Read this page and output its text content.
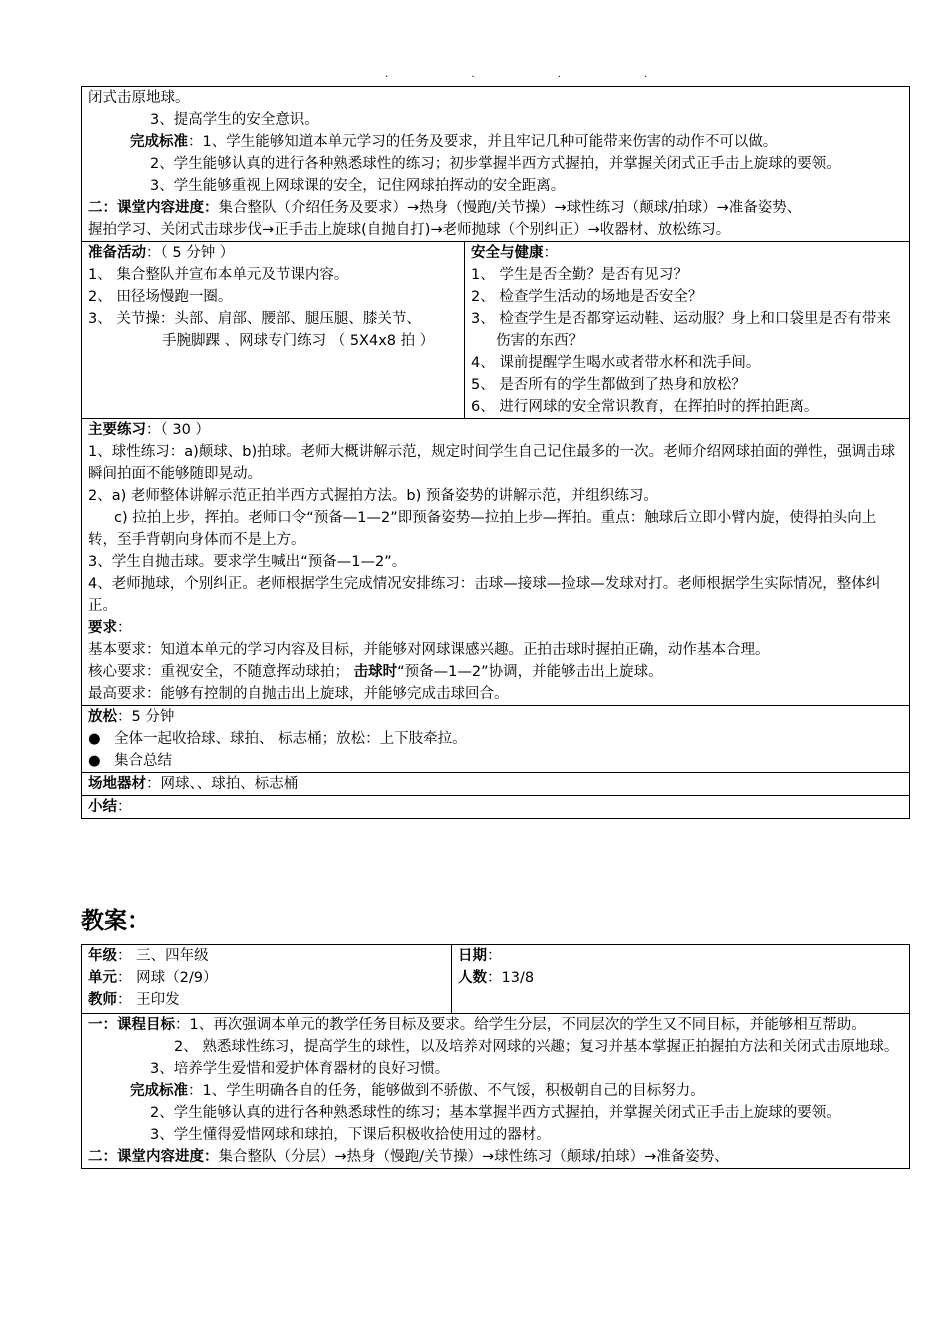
. . . .
闭式击原地球。
3、提高学生的安全意识。
完成标准：1、学生能够知道本单元学习的任务及要求，并且牢记几种可能带来伤害的动作不可以做。
2、学生能够认真的进行各种熟悉球性的练习；初步掌握半西方式握拍，并掌握关闭式正手击上旋球的要领。
3、学生能够重视上网球课的安全，记住网球拍挥动的安全距离。
二：课堂内容进度：集合整队（介绍任务及要求）→热身（慢跑/关节操）→球性练习（颠球/拍球）→准备姿势、
握拍学习、关闭式击球步伐→正手击上旋球(自抛自打)→老师抛球（个别纠正）→收器材、放松练习。

准备活动：（ 5 分钟 ）
1、 集合整队并宣布本单元及节课内容。
2、 田径场慢跑一圈。
3、 关节操：头部、肩部、腰部、腿压腿、膝关节、
手腕脚踝 、网球专门练习 （ 5X4x8 拍 ）

安全与健康：
1、 学生是否全勤？是否有见习？
2、 检查学生活动的场地是否安全？
3、 检查学生是否都穿运动鞋、运动服？身上和口袋里是否有带来伤害的东西？
4、 课前提醒学生喝水或者带水杯和洗手间。
5、 是否所有的学生都做到了热身和放松？
6、 进行网球的安全常识教育，在挥拍时的挥拍距离。

主要练习：（ 30 ）
1、球性练习：a)颠球、b)拍球。老师大概讲解示范，规定时间学生自己记住最多的一次。老师介绍网球拍面的弹性，强调击球瞬间拍面不能够随即晃动。
2、a) 老师整体讲解示范正拍半西方式握拍方法。b) 预备姿势的讲解示范，并组织练习。
c) 拉拍上步，挥拍。老师口令“预备—1—2”即预备姿势—拉拍上步—挥拍。重点：触球后立即小臂内旋，使得拍头向上转，至手背朝向身体而不是上方。
3、学生自抛击球。要求学生喊出“预备—1—2”。
4、老师抛球，个别纠正。老师根据学生完成情况安排练习：击球—接球—捡球—发球对打。老师根据学生实际情况，整体纠正。
要求：
基本要求：知道本单元的学习内容及目标，并能够对网球课感兴趣。正拍击球时握拍正确，动作基本合理。
核心要求：重视安全，不随意挥动球拍； 击球时“预备—1—2”协调，并能够击出上旋球。
最高要求：能够有控制的自抛击出上旋球，并能够完成击球回合。

放松：5 分钟
● 全体一起收拾球、球拍、 标志桶；放松：上下肢牵拉。
● 集合总结

场地器材：网球、、球拍、标志桶
小结：
教案：
年级： 三、四年级
单元： 网球（2/9）
教师： 王印发

日期：
人数：13/8

一：课程目标：1、再次强调本单元的教学任务目标及要求。给学生分层，不同层次的学生又不同目标，并能够相互帮助。
2、 熟悉球性练习，提高学生的球性，以及培养对网球的兴趣；复习并基本掌握正拍握拍方法和关闭式击原地球。
3、培养学生爱惜和爱护体育器材的良好习惯。
完成标准：1、学生明确各自的任务，能够做到不骄傲、不气馁，积极朝自己的目标努力。
2、学生能够认真的进行各种熟悉球性的练习；基本掌握半西方式握拍，并掌握关闭式正手击上旋球的要领。
3、学生懂得爱惜网球和球拍，下课后积极收拾使用过的器材。
二：课堂内容进度：集合整队（分层）→热身（慢跑/关节操）→球性练习（颠球/拍球）→准备姿势、
